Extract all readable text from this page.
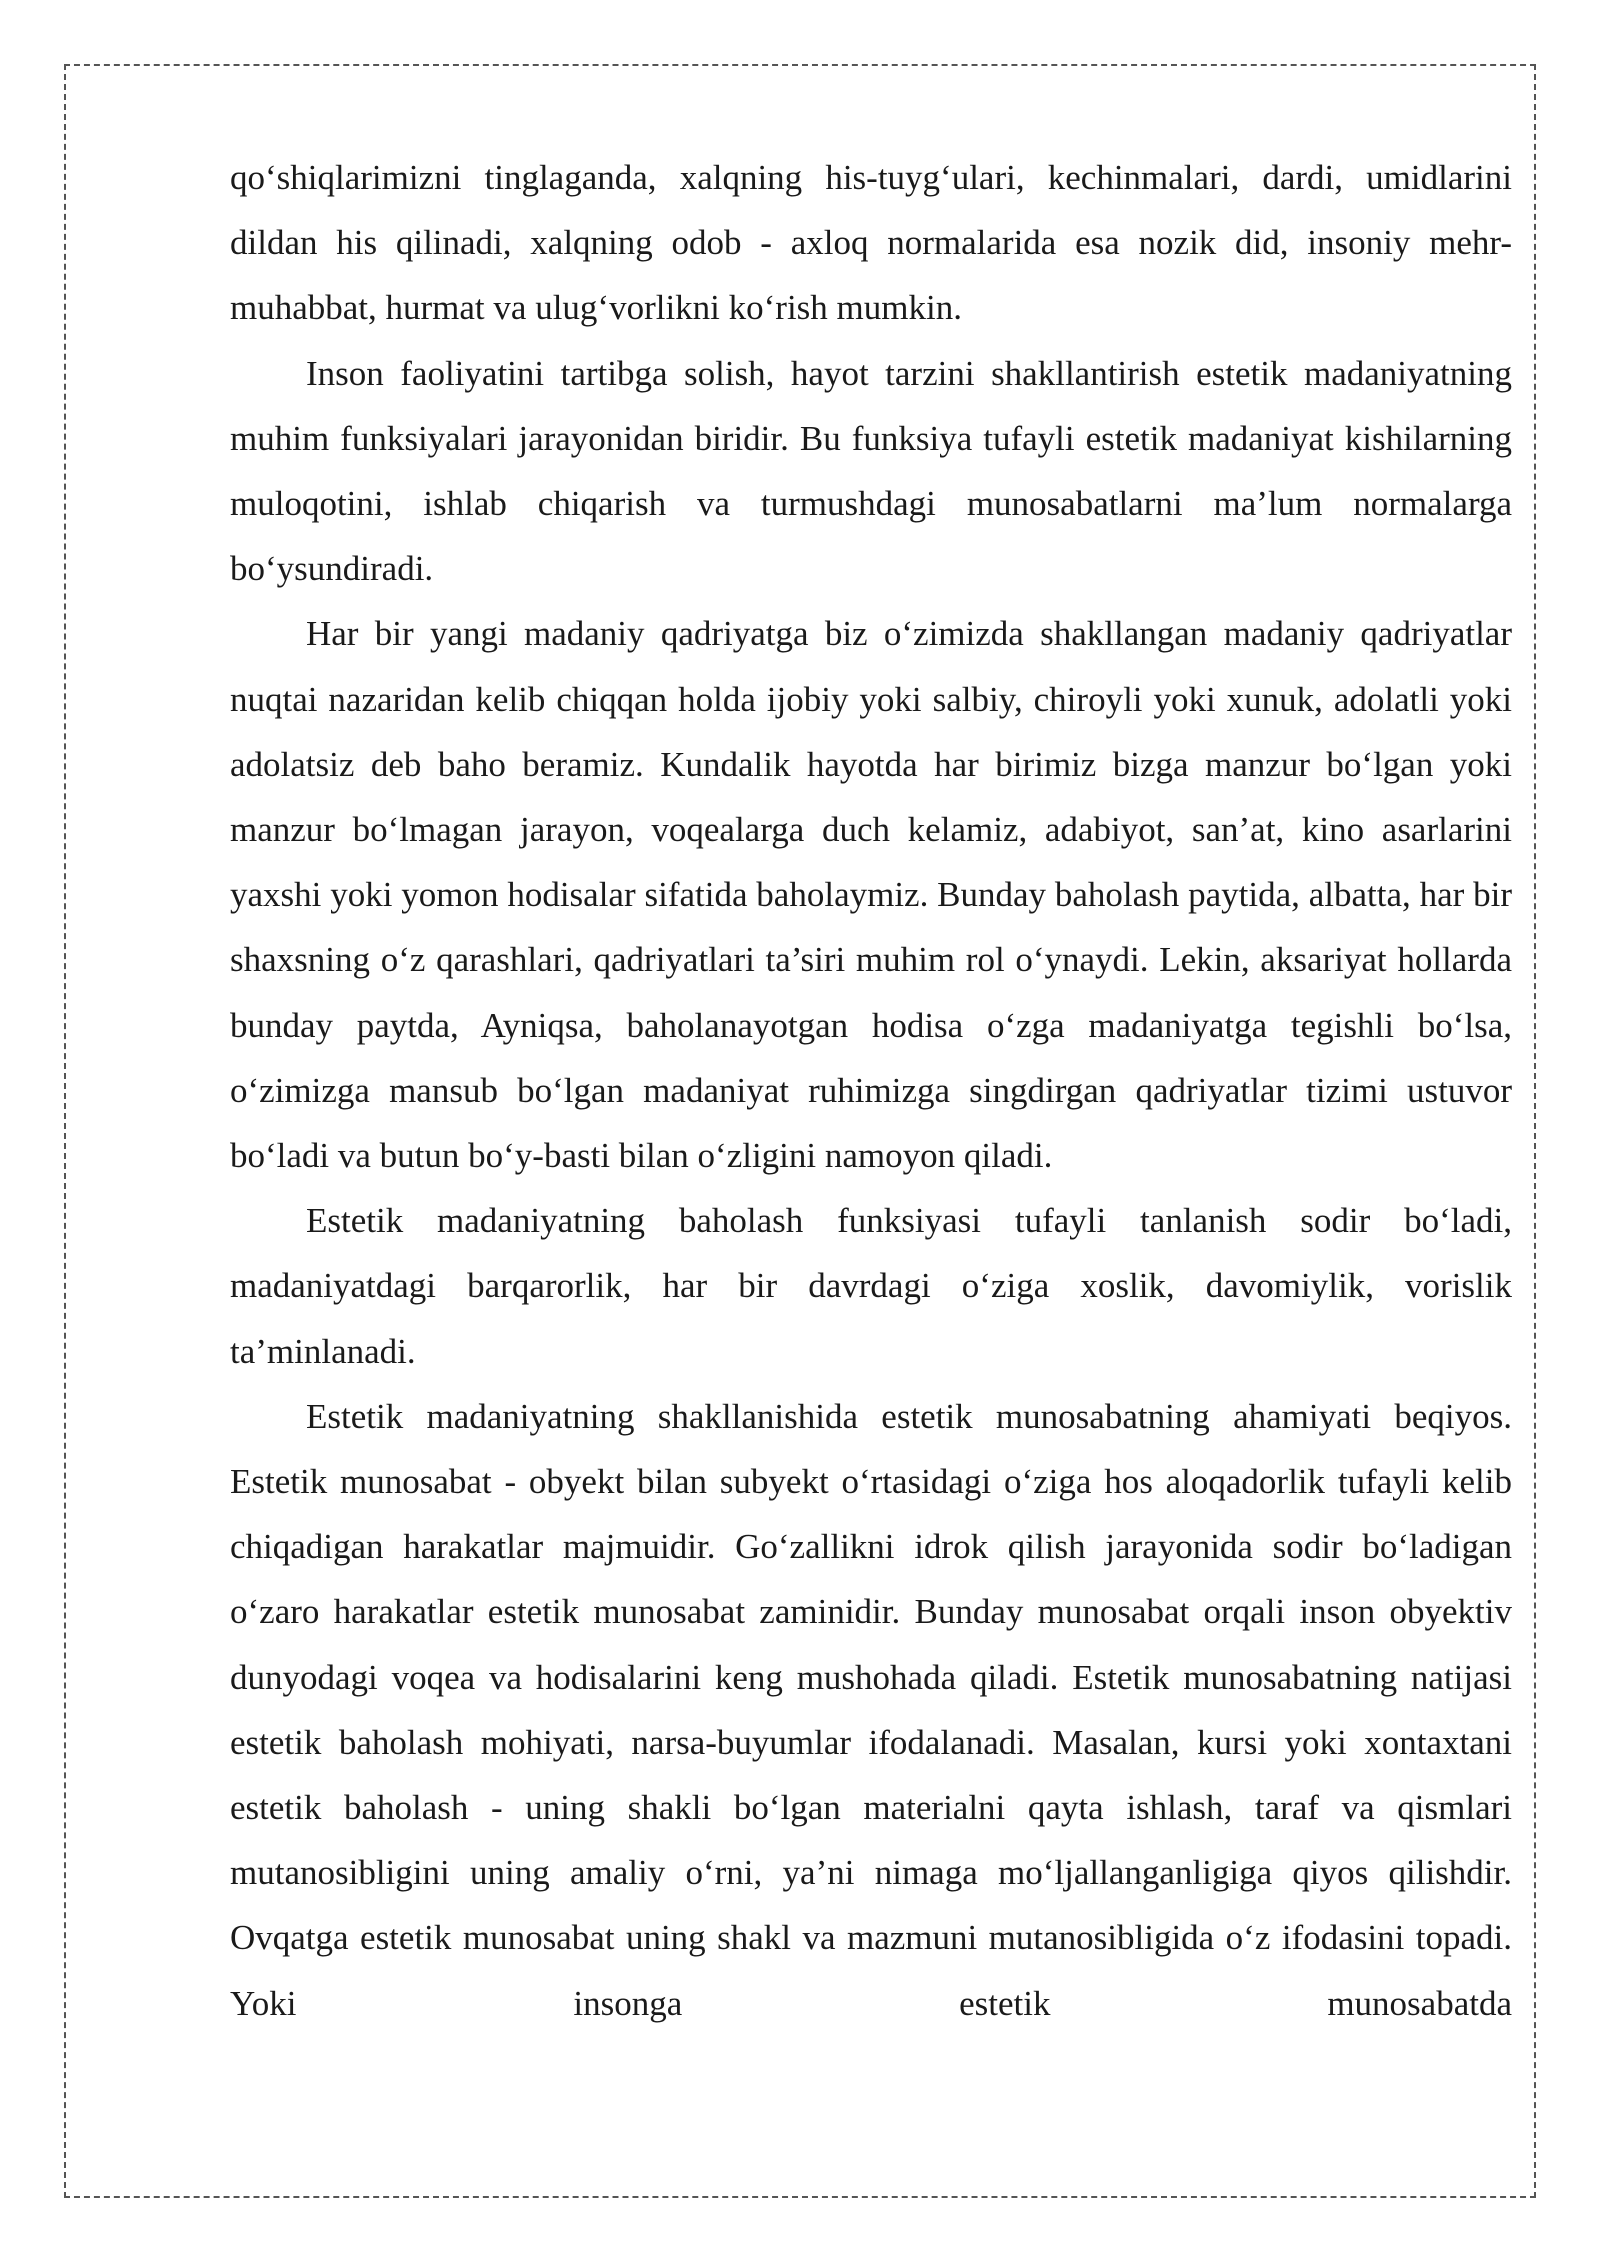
qo‘shiqlarimizni tinglaganda, xalqning his-tuyg‘ulari, kechinmalari, dardi, umidlarini dildan his qilinadi, xalqning odob - axloq normalarida esa nozik did, insoniy mehr-muhabbat, hurmat va ulug‘vorlikni ko‘rish mumkin.

Inson faoliyatini tartibga solish, hayot tarzini shakllantirish estetik madaniyatning muhim funksiyalari jarayonidan biridir. Bu funksiya tufayli estetik madaniyat kishilarning muloqotini, ishlab chiqarish va turmushdagi munosabatlarni ma’lum normalarga bo‘ysundiradi.

Har bir yangi madaniy qadriyatga biz o‘zimizda shakllangan madaniy qadriyatlar nuqtai nazaridan kelib chiqqan holda ijobiy yoki salbiy, chiroyli yoki xunuk, adolatli yoki adolatsiz deb baho beramiz. Kundalik hayotda har birimiz bizga manzur bo‘lgan yoki manzur bo‘lmagan jarayon, voqealarga duch kelamiz, adabiyot, san’at, kino asarlarini yaxshi yoki yomon hodisalar sifatida baholaymiz. Bunday baholash paytida, albatta, har bir shaxsning o‘z qarashlari, qadriyatlari ta’siri muhim rol o‘ynaydi. Lekin, aksariyat hollarda bunday paytda, Ayniqsa, baholanayotgan hodisa o‘zga madaniyatga tegishli bo‘lsa, o‘zimizga mansub bo‘lgan madaniyat ruhimizga singdirgan qadriyatlar tizimi ustuvor bo‘ladi va butun bo‘y-basti bilan o‘zligini namoyon qiladi.

Estetik madaniyatning baholash funksiyasi tufayli tanlanish sodir bo‘ladi, madaniyatdagi barqarorlik, har bir davrdagi o‘ziga xoslik, davomiylik, vorislik ta’minlanadi.

Estetik madaniyatning shakllanishida estetik munosabatning ahamiyati beqiyos. Estetik munosabat - obyekt bilan subyekt o‘rtasidagi o‘ziga hos aloqadorlik tufayli kelib chiqadigan harakatlar majmuidir. Go‘zallikni idrok qilish jarayonida sodir bo‘ladigan o‘zaro harakatlar estetik munosabat zaminidir. Bunday munosabat orqali inson obyektiv dunyodagi voqea va hodisalarini keng mushohada qiladi. Estetik munosabatning natijasi estetik baholash mohiyati, narsa-buyumlar ifodalanadi. Masalan, kursi yoki xontaxtani estetik baholash - uning shakli bo‘lgan materialni qayta ishlash, taraf va qismlari mutanosibligini uning amaliy o‘rni, ya’ni nimaga mo‘ljallanganligiga qiyos qilishdir. Ovqatga estetik munosabat uning shakl va mazmuni mutanosibligida o‘z ifodasini topadi. Yoki insonga estetik munosabatda
